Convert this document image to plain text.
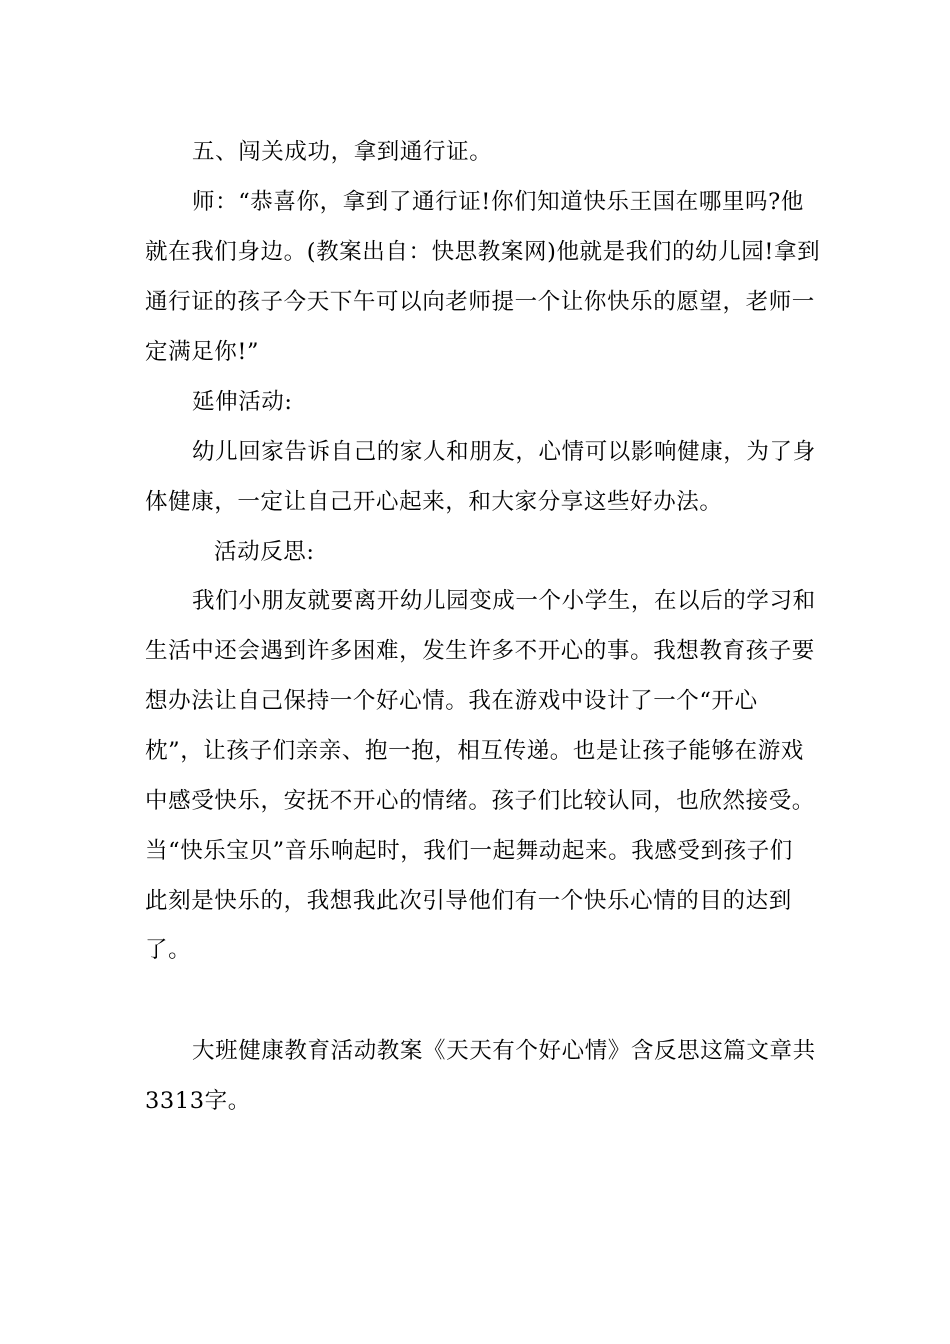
五、闯关成功，拿到通行证。
师：“恭喜你，拿到了通行证!你们知道快乐王国在哪里吗?他
就在我们身边。(教案出自：快思教案网)他就是我们的幼儿园!拿到
通行证的孩子今天下午可以向老师提一个让你快乐的愿望，老师一
定满足你!”
延伸活动:
幼儿回家告诉自己的家人和朋友，心情可以影响健康，为了身
体健康，一定让自己开心起来，和大家分享这些好办法。
活动反思:
我们小朋友就要离开幼儿园变成一个小学生，在以后的学习和
生活中还会遇到许多困难，发生许多不开心的事。我想教育孩子要
想办法让自己保持一个好心情。我在游戏中设计了一个“开心
枕”，让孩子们亲亲、抱一抱，相互传递。也是让孩子能够在游戏
中感受快乐，安抚不开心的情绪。孩子们比较认同，也欣然接受。
当“快乐宝贝”音乐响起时，我们一起舞动起来。我感受到孩子们
此刻是快乐的，我想我此次引导他们有一个快乐心情的目的达到
了。
大班健康教育活动教案《天天有个好心情》含反思这篇文章共
3313字。
